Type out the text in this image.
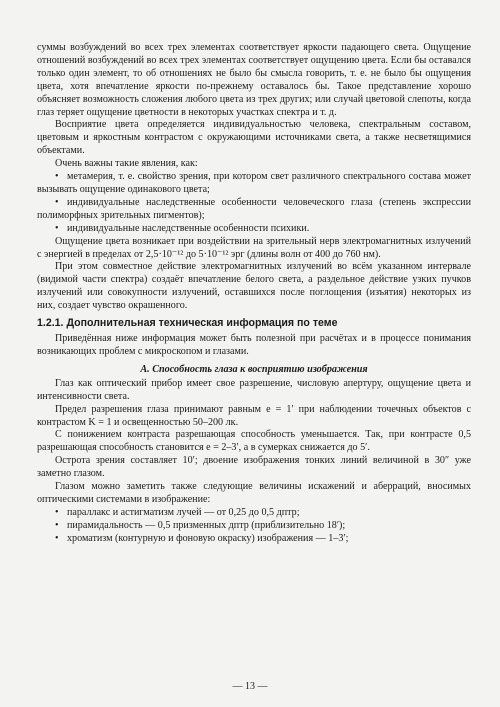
суммы возбуждений во всех трех элементах соответствует яркости падающего света. Ощущение отношений возбуждений во всех трех элементах соответствует ощущению цвета. Если бы оставался только один элемент, то об отношениях не было бы смысла говорить, т. е. не было бы ощущения цвета, хотя впечатление яркости по-прежнему оставалось бы. Такое представление хорошо объясняет возможность сложения любого цвета из трех других; или случай цветовой слепоты, когда глаз теряет ощущение цветности в некоторых участках спектра и т. д.

Восприятие цвета определяется индивидуальностью человека, спектральным составом, цветовым и яркостным контрастом с окружающими источниками света, а также несветящимися объектами.

Очень важны такие явления, как:

• метамерия, т. е. свойство зрения, при котором свет различного спектрального состава может вызывать ощущение одинакового цвета;
• индивидуальные наследственные особенности человеческого глаза (степень экспрессии полиморфных зрительных пигментов);
• индивидуальные наследственные особенности психики.

Ощущение цвета возникает при воздействии на зрительный нерв электромагнитных излучений с энергией в пределах от 2,5·10⁻¹² до 5·10⁻¹² эрг (длины волн от 400 до 760 нм).

При этом совместное действие электромагнитных излучений во всём указанном интервале (видимой части спектра) создаёт впечатление белого света, а раздельное действие узких пучков излучений или совокупности излучений, оставшихся после поглощения (изъятия) некоторых из них, создает чувство окрашенного.

1.2.1. Дополнительная техническая информация по теме

Приведённая ниже информация может быть полезной при расчётах и в процессе понимания возникающих проблем с микроскопом и глазами.

А. Способность глаза к восприятию изображения

Глаз как оптический прибор имеет свое разрешение, числовую апертуру, ощущение цвета и интенсивности света.

Предел разрешения глаза принимают равным e = 1′ при наблюдении точечных объектов с контрастом K = 1 и освещенностью 50–200 лк.

С понижением контраста разрешающая способность уменьшается. Так, при контрасте 0,5 разрешающая способность становится e = 2–3′, а в сумерках снижается до 5′.

Острота зрения составляет 10′; двоение изображения тонких линий величиной в 30″ уже заметно глазом.

Глазом можно заметить также следующие величины искажений и аберраций, вносимых оптическими системами в изображение:

• параллакс и астигматизм лучей — от 0,25 до 0,5 дптр;
• пирамидальность — 0,5 призменных дптр (приблизительно 18′);
• хроматизм (контурную и фоновую окраску) изображения — 1–3′;
— 13 —
